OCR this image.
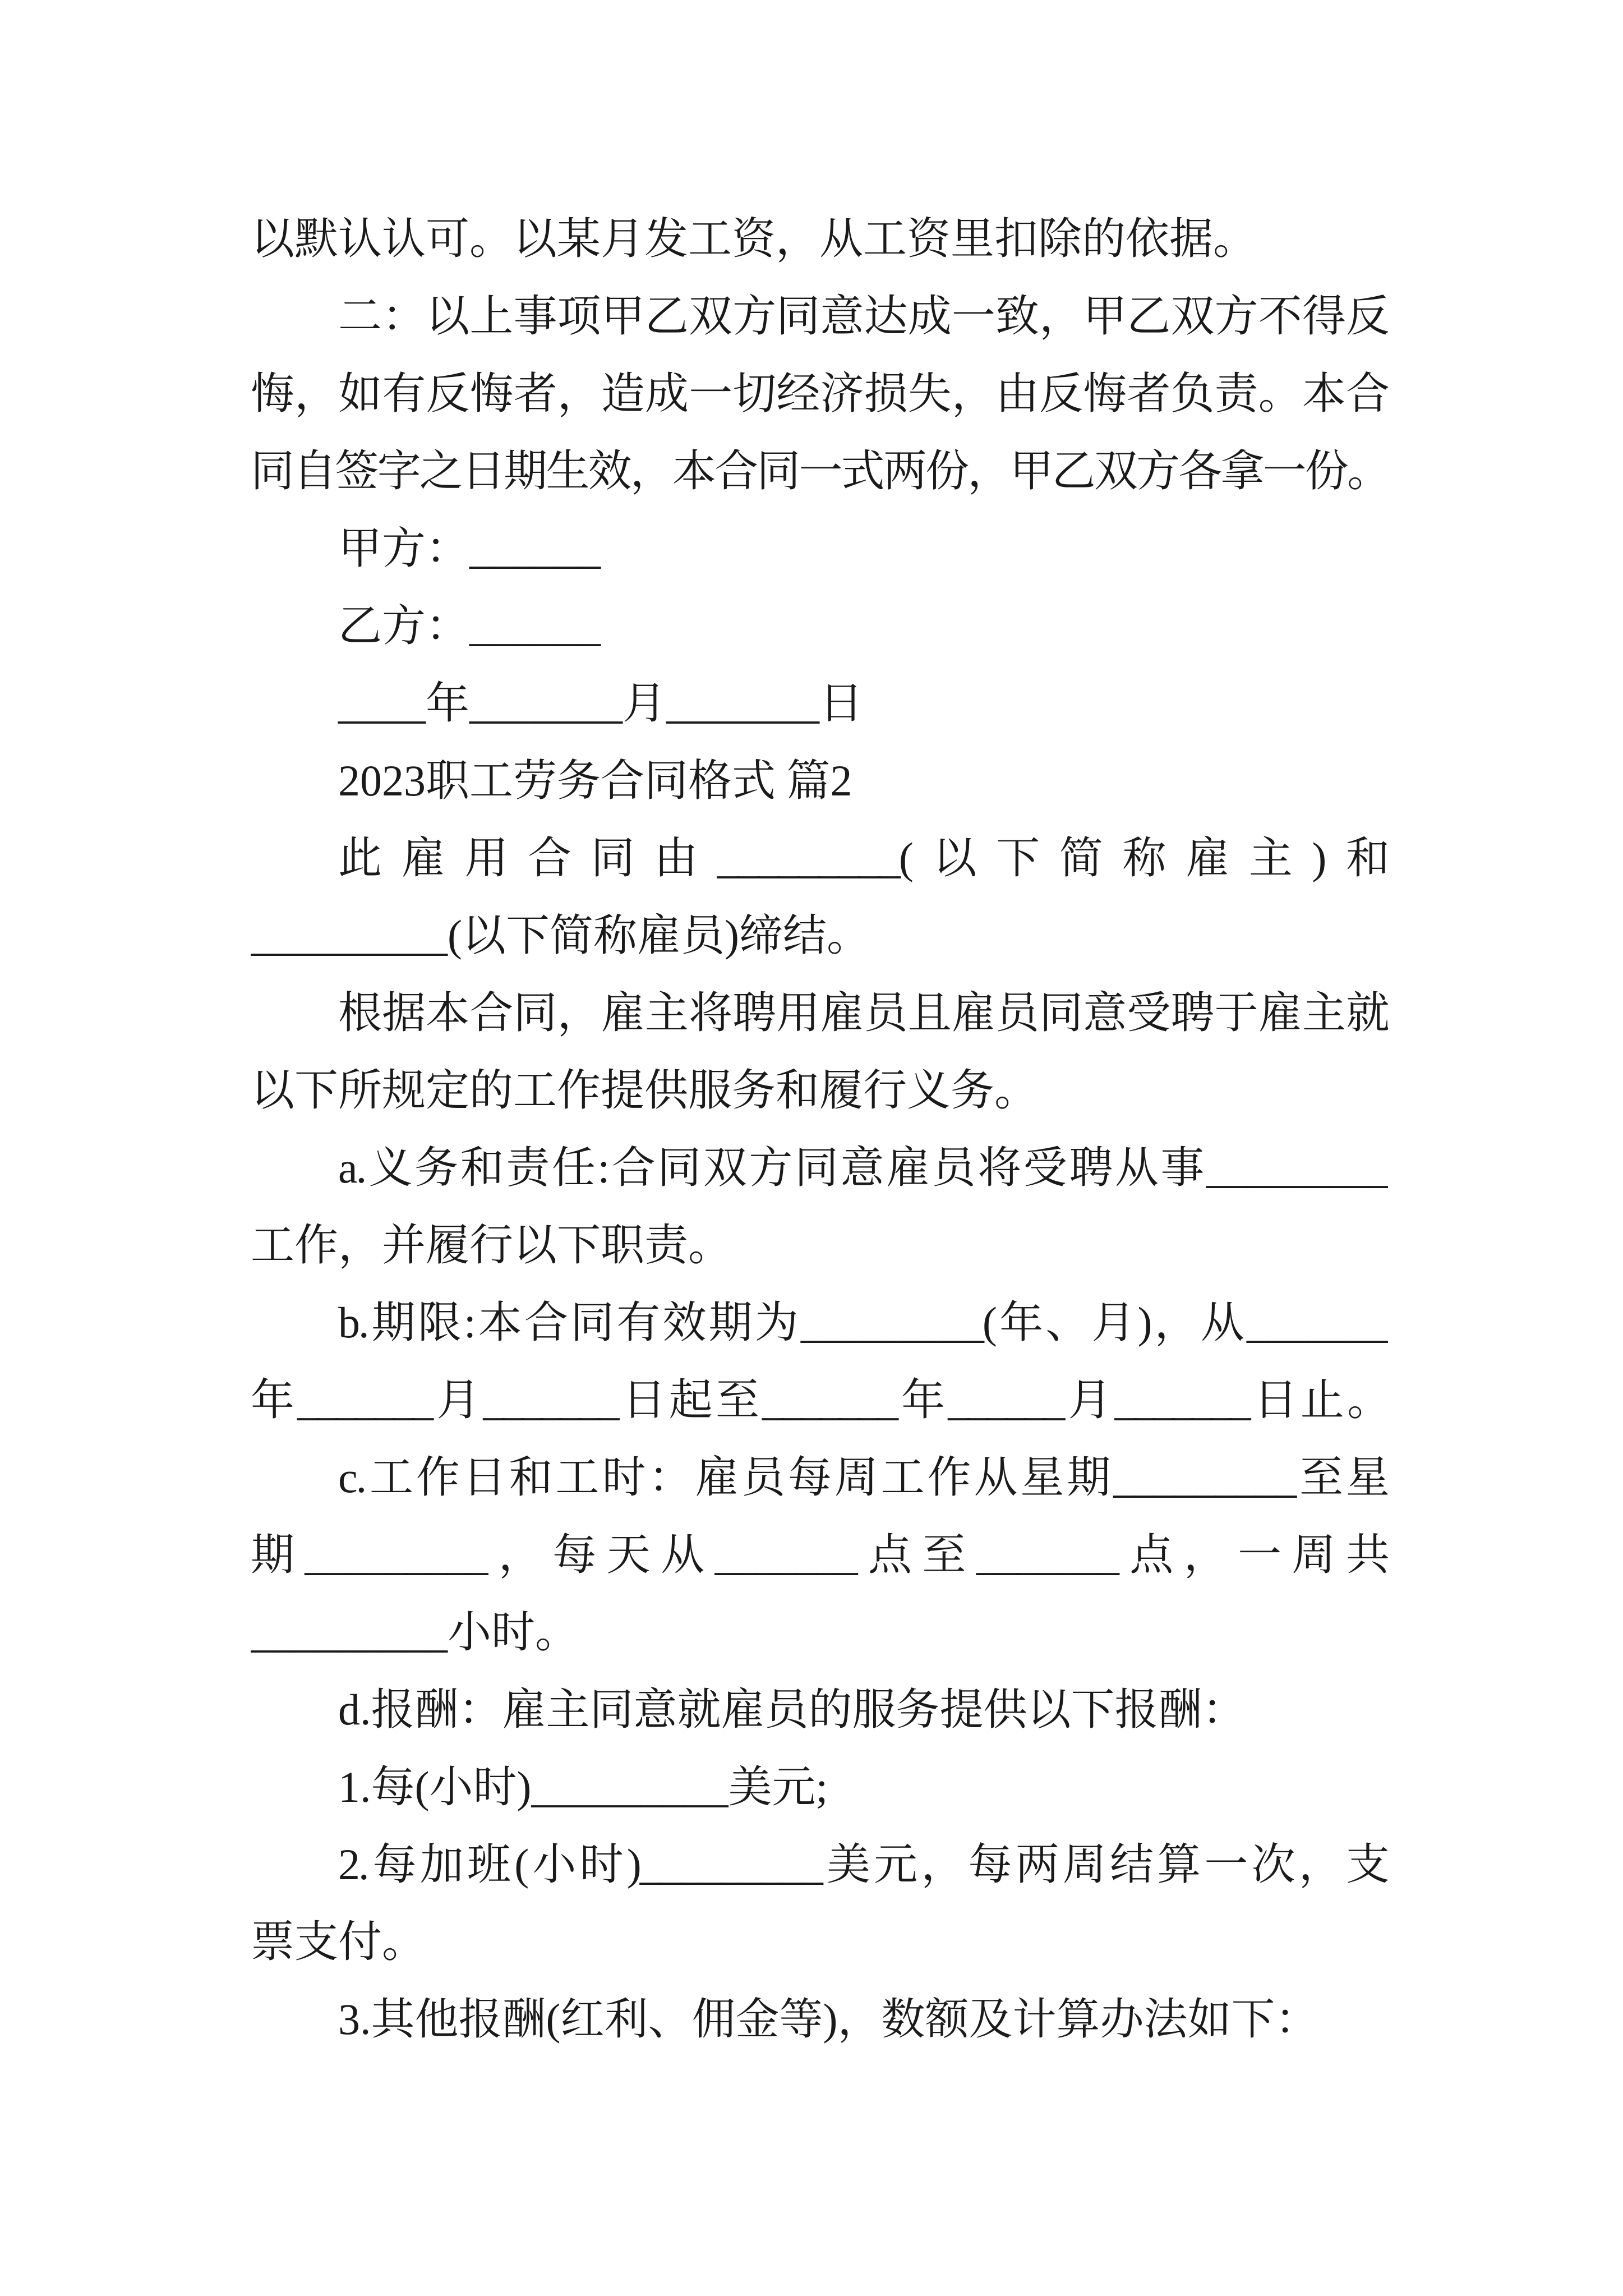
以默认认可。以某月发工资，从工资里扣除的依据。
二：以上事项甲乙双方同意达成一致，甲乙双方不得反
悔，如有反悔者，造成一切经济损失，由反悔者负责。本合
同自签字之日期生效，本合同一式两份，甲乙双方各拿一份。
甲方：______
乙方：______
____年_______月_______日
2023职工劳务合同格式 篇2
此雇用合同由_________(以下简称雇主)和
_________(以下简称雇员)缔结。
根据本合同，雇主将聘用雇员且雇员同意受聘于雇主就
以下所规定的工作提供服务和履行义务。
a.义务和责任:合同双方同意雇员将受聘从事_________
工作，并履行以下职责。
b.期限:本合同有效期为_________(年、月)，从_______
年_______月_______日起至_______年______月_______日止。
c.工作日和工时：雇员每周工作从星期_________至星
期_________，每天从_______点至_______点，一周共
_________小时。
d.报酬：雇主同意就雇员的服务提供以下报酬：
1.每(小时)_________美元;
2.每加班(小时)_________美元，每两周结算一次，支
票支付。
3.其他报酬(红利、佣金等)，数额及计算办法如下：
